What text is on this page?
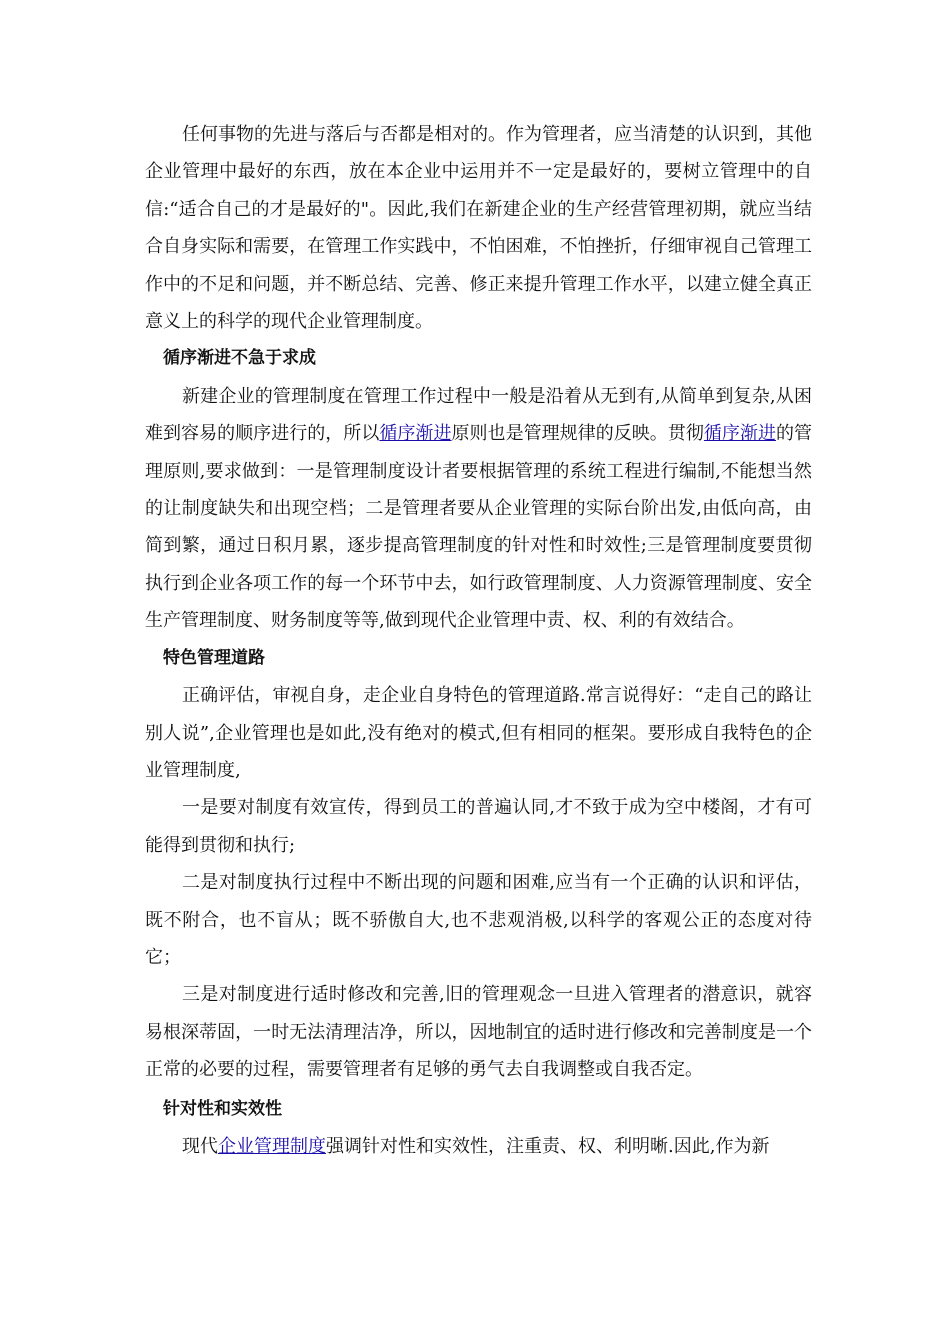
任何事物的先进与落后与否都是相对的。作为管理者，应当清楚的认识到，其他企业管理中最好的东西，放在本企业中运用并不一定是最好的，要树立管理中的自信:“适合自己的才是最好的"。因此,我们在新建企业的生产经营管理初期，就应当结合自身实际和需要，在管理工作实践中，不怕困难，不怕挫折，仔细审视自己管理工作中的不足和问题，并不断总结、完善、修正来提升管理工作水平，以建立健全真正意义上的科学的现代企业管理制度。

循序渐进不急于求成

新建企业的管理制度在管理工作过程中一般是沿着从无到有,从简单到复杂,从困难到容易的顺序进行的，所以循序渐进原则也是管理规律的反映。贯彻循序渐进的管理原则,要求做到：一是管理制度设计者要根据管理的系统工程进行编制,不能想当然的让制度缺失和出现空档；二是管理者要从企业管理的实际台阶出发,由低向高，由简到繁，通过日积月累，逐步提高管理制度的针对性和时效性;三是管理制度要贯彻执行到企业各项工作的每一个环节中去，如行政管理制度、人力资源管理制度、安全生产管理制度、财务制度等等,做到现代企业管理中责、权、利的有效结合。

特色管理道路

正确评估，审视自身，走企业自身特色的管理道路.常言说得好：“走自己的路让别人说”,企业管理也是如此,没有绝对的模式,但有相同的框架。要形成自我特色的企业管理制度,

一是要对制度有效宣传，得到员工的普遍认同,才不致于成为空中楼阁，才有可能得到贯彻和执行;

二是对制度执行过程中不断出现的问题和困难,应当有一个正确的认识和评估，既不附合，也不盲从；既不骄傲自大,也不悲观消极,以科学的客观公正的态度对待它；

三是对制度进行适时修改和完善,旧的管理观念一旦进入管理者的潜意识，就容易根深蒂固，一时无法清理洁净，所以，因地制宜的适时进行修改和完善制度是一个正常的必要的过程，需要管理者有足够的勇气去自我调整或自我否定。

针对性和实效性

现代企业管理制度强调针对性和实效性，注重责、权、利明晰.因此,作为新
